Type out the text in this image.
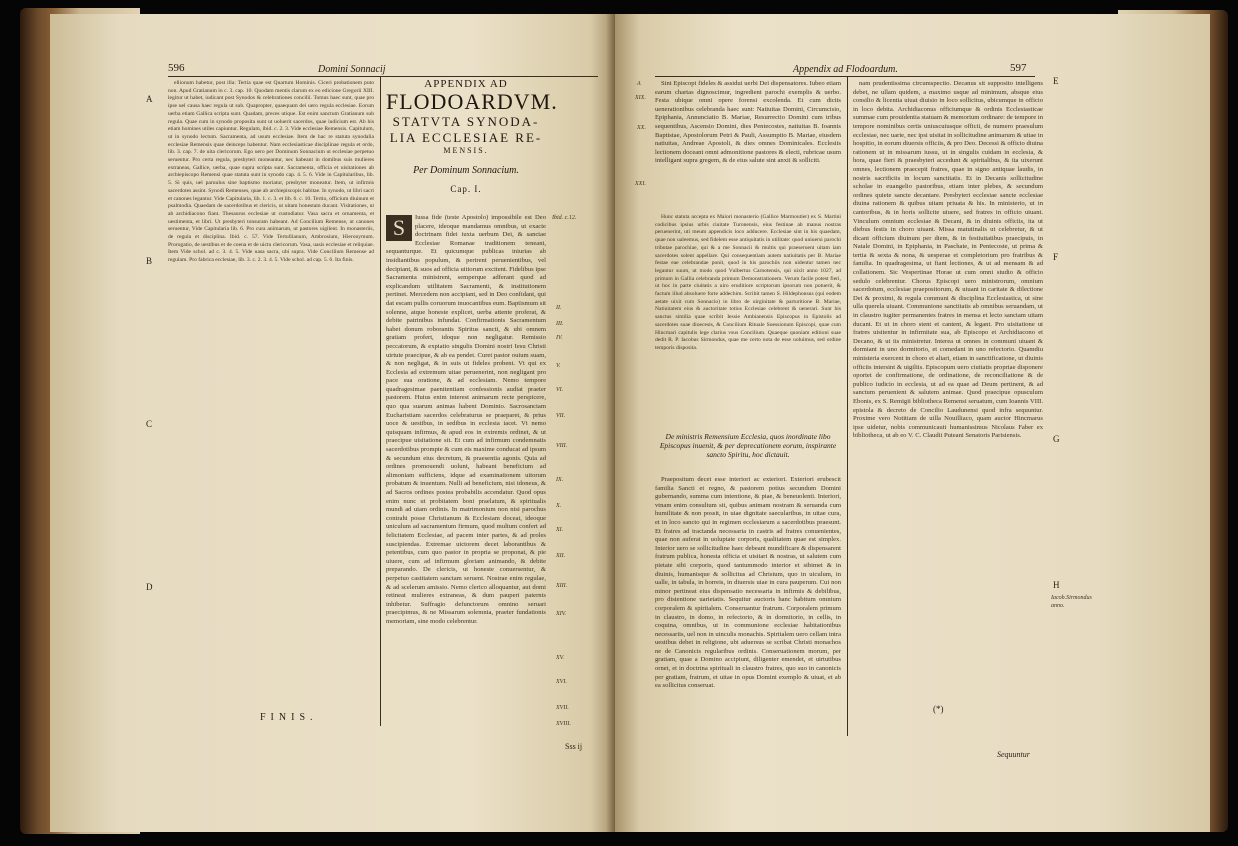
596	Domini Sonnacij
A
B
C
D

ellionum habetur, post illa: Tertia quae est Quartum Hominis. Ciceri probationem puto non. Apud Gratianum in c. 3. cap. 10. Quodam mentis clarum ex eo edicione Gregorii XIII. legitur ut habet, iudicant post Synodos & celebrationes concilii. Tomus haec sunt, quae pro ipse uel causa haec regula ut sub. Quapropter, quaequam dei uero regula ecclesiae. Eorum uerba etiam Gallica scripta sunt. Quadam, preces utique. Est enim sanctum Gratianum sub regula. Quae cum in synodo proposita sunt ut uoluerit sacerdos, quae iudicium est. Ab his etiam homines utiles capiuntur. Regulam, ibid. c. 2. 3. Vide ecclesiae Remensis. Capitulum, ut in synodo lectum. Sacramenta, ad usum ecclesiae. Item de hac re statuta synodalia ecclesiae Remensis quae deinceps habentur. Nam ecclesiasticae disciplinae regula et ordo, lib. 3. cap. 7. de uita clericorum. Ego uero per Dominum Sonnacium ut ecclesiae perpetuo seruentur. Pro certa regula, presbyteri moneantur, nec habeant in domibus suis mulieres extraneas, Gallice, uerba, quae supra scripta sunt. Sacramenta, officia et uisitationes ab archiepiscopo Remensi quae statuta sunt in synodo cap. 4. 5. 6. Vide in Capitularibus, lib. 5. Si quis, uel paruulus sine baptismo moriatur, presbyter moneatur. Item, ut infirmis sacerdotes assint. Synodi Remenses, quae ab archiepiscopis habitae. In synodo, ut libri sacri et canones legantur. Vide Capitularia, lib. 1. c. 3. et lib. 6. c. 10. Tertio, officium diuinum et psalmodia. Quaedam de sacerdotibus et clericis, ut uitam honestam ducant. Visitationes, ut ab archidiacono fiant. Thesaurus ecclesiae ut custodiatur. Vasa sacra et ornamenta, et uestimenta, et libri. Ut presbyteri tonsuram habeant. Ad Concilium Remense, ut canones seruentur, Vide Capitularia lib. 6. Pro cura animarum, ut pastores uigilent. In monasteriis, de regula et disciplina. Ibid. c. 57. Vide Tertullianum, Ambrosium, Hieronymum. Prorogatio, de uestibus et de coena et de uictu clericorum. Vasa, uasis ecclesiae et reliquiae. Item Vide schol. ad c. 3. 4. 5. Vide uasa sacra, ubi supra. Vide Concilium Remense ad regulam. Pro fabrica ecclesiae, lib. 3. c. 2. 3. 4. 5. Vide schol. ad cap. 5. 6. Ita finis.

FINIS.
APPENDIX AD
FLODOARDVM.
STATVTA SYNODA-
LIA ECCLESIAE RE-
MENSIS.
Per Dominum Sonnacium.
Cap. I.
S	Iussa fide (teste Apostolo) impossibile est Deo placere, ideoque mandamus omnibus, ut exacte doctrinam fidei iuxta uerbum Dei, & sanctae Ecclesiae Romanae traditionem teneant, sequanturque. Et quicumque publicas iniurias ab insidiantibus populum, & perirent peruenientibus, vel decipiant, & suos ad officia uitiorum excitent. Fidelibus ipse Sacramenta ministrent, semperque adferant quod ad explicandum utilitatem Sacramenti, & institutionem pertinet. Mercedem non accipiant, sed in Deo confidant, qui dat escam pullis coruorum inuocantibus eum. Baptismum sit solenne, atque honeste explicet, uerba attente proferat, & debite patrinibus infundat. Confirmationis Sacramentum habet donum roborantis Spiritus sancti, & ubi omnem gratiam profert, idoque non negligatur. Remissio peccatorum, & expiatio singulis Domini nostri Iesu Christi uirtute praecipue, & ab ea pendet. Curet pastor ouium suam, & non negligat, & in suis ut fideles probent. Vt qui ex Ecclesia ad extremum uitae peruenerint, non negligant pro pace sua oratione, & ad ecclesiam. Nemo tempore quadragesimae paenitentiam confessionis audiat praeter pastorem. Huius enim interest animarum recte perspicere, quo qua suarum animas habent Dominio. Sacrosanctam Eucharistiam sacerdos celebraturus se praeparet, & prius uoce & uestibus, in sedibus in ecclesia iacet. Vt nemo quisquam infirmus, & apud eos in extremis ordinet, & ut praecipue uisitatione sit. Et cum ad infirmum condemnatis sacerdotibus prompte & cum eis maxime conducat ad ipsum & secundum eius decretum, & praesentia agonis. Quia ad ordines promouendi uolunt, habeant beneficium ad alimoniam sufficiens, idque ad examinationem uitorum probatum & inuentum. Nulli ad beneficium, nisi idoneus, & ad Sacros ordines postea probabilis accendatur. Quod opus enim nunc ut probitatem boni praelatum, & spiritualis mundi ad uiam ordinis. In matrimonium non nisi parochus contrahi posse Christianum & Ecclesiam doceat, ideoque uniculum ad sacramentum firmum, quod multum confert ad felicitatem Ecclesiae, ad pacem inter partes, & ad proles suscipiendas. Extremae uictorem decet laborantibus & petentibus, cum quo pastor in propria se proponat, & pie uiuere, cum ad infirmum gloriam animando, & debite preparando. De clericis, ut honeste conuersentur, & perpetuo castitatem sanctam seruent. Nostrae enim regulae, & ad scelerum amissio. Nemo clerico alloquantur, aut domi retineat mulieres extraneas, & dum pauperi paternis inhibetur. Suffragio defunctorum omnino seruari praecipimus, & ne Missarum solemnia, praeter fundationis memoriam, sine modo celebrentur.
Ibid. c.12.
II.
III.
IV.
V.
VI.
VII.
VIII.
IX.
X.
XI.
XII.
XIII.
XIV.
XV.
XVI.
XVII.
XVIII.
Sss ij
Appendix ad Flodoardum.	597
A
XIX.
XX.
XXI.

Sint Episcopi fideles & assidui uerbi Dei dispensatores. Iubeo etiam earum chartas dignoscimur, ingredient parochi exemplis & uerbo. Festa ubique omni opere forensi excolenda. Et cum dictis uenerationibus celebranda haec sunt: Natiuitas Domini, Circumcisio, Epiphania, Annunciatio B. Mariae, Resurrectio Domini cum tribus sequentibus, Ascensio Domini, dies Pentecostes, natiuitas B. Ioannis Baptistae, Apostolorum Petri & Pauli, Assumptio B. Mariae, eiusdem natiuitas, Andreae Apostoli, & dies omnes Dominicales. Ecclesiis lectionem doceant omni admonitione pastores & electi, rubricae usum intelligant supra gregem, & de eius salute sint anxii & solliciti.

Hunc statuta accepta ex Maiori monasterio (Gallice Marmoutier) ex S. Martini codicibus ipsius urbis ciuitate Turonensis, eius festinae ab manus nostras peruenerint, uti meum appendicis loco adducere. Ecclesiae sint in his quaedam, quae non ualeemus, sed fidelem esse antiquitatis in utilitate: quod uniuersi parochi tributae parochiae, qui & a me Sonnacii & multis qui praeseruent uitam iam sacerdotes solent appellare. Qui consequentiam autem natiuitatis per B. Mariae festae eae celebrandae ponit, quod in his parochiis non uidentur tamen nec legantur suum, ut modo quod Vulbertus Carnotensis, qui uixit anno 1027, ad primum in Gallia celebranda primum Demonstrationem. Verum facile potest fieri, ut hoc in parte ciuitatis a uiro eruditiore scriptorum ipsorum non potuerit, & factum illud absoluere forte addechim. Scribit tamen S. Hildephonsus (qui eodem aetate uixit cum Sonnacio) in libro de uirginitate & parturitione B. Mariae, Natiuitatem eius & auctoritate totius Ecclesiae celebrent & uenerari. Sunt his sanctus similia quae scribit Iessie Ambianensis Episcopus in Epistolis ad sacerdotes suae dioecesis, & Concilium Rituale Suessionum Episcopi, quae cum Hincmari capitulis lege clarius vsus Concilium. Quaeque quoniam editioni suae dedit R. P. Iacobus Sirmondus, quae me certo nota de esse uoluimus, sed ordine temporis disposita.

De ministris Remensium Ecclesia, quos inordinate libo Episcopus inuenit, & per deprecationem eorum, inspirante sancto Spiritu, hoc dictauit.

Praepositum decet esse interiori ac exteriori. Exteriori erubescit familia Sancti et regno, & pastorem potius secundum Domini gubernando, summa cum intentione, & piae, & beneuolenti. Interiori, vtnam enim consultum sit, quibus animam nostram & seruanda cum humilitate & non possit, in uiae dignitate saecularibus, in uitae cura, et in loco sancto qui in regimen ecclesiarum a sacerdotibus praesunt. Et fratres ad tractanda necessaria in castris ad fratres conuenientes, quae non auferat in uoluptate corporis, qualitatem quae est simplex. Interior uero se sollicitudine haec debeant mundificare & dispensarent fratrum publica, honesta officia et uisitari & nostras, ut salutem cum pietate sibi corporis, quod tantummodo interior et sibimet & in diuinis, humanisque & sollicitus ad Christum, quo in uiculum, in ualle, in tabula, in horreis, in diuersis uiae in cura pauperum. Cui non minor pertineat eius dispensatio necessaria in infirmis & debilibus, pro distentione uarietatis. Sequitur auctoris hanc habitum omnium corporalem & spiritalem. Conseruantur fratrum. Corporalem primum in claustro, in domo, in refectorio, & in dormitorio, in cellis, in coquina, omnibus, ut in communione ecclesiae habitationibus necessariis, uel non in uinculis monachis. Spiritalem uero cellam intra uestibus debet in religione, ubi aduersus se scribat Christi monachos ne de Canonicis regularibus ordinis. Conseruationem morum, per gratiam, quae a Domino accipiunt, diligenter emendet, et uirtutibus ornet, et in doctrina spirituali in claustro fratres, quo suo in canonicis per gratiam, fratrum, et uitae in opus Domini exemplo & uiuat, et ab ea sollicitus conseruat.

nam prudentissima circumspectio. Decanus sit supposito intelligens debet, ne ullam quidem, a maximo usque ad minimum, absque eius consilio & licentia uiuat diuisio in loco sollicitus, ubicumque in officio in loco debita. Archidiaconus officiumque & ordinis Ecclesiasticae summae cum prouidentia statuam & memorium ordinare: de tempore in tempore nominibus certis uniuscuiusque officii, de numero praesulum ecclesiae, nec uarie, nec ipsi uisitat in sollicitudine animarum & uitae in hospitio, in eorum diuersis officiis, & pro Deo. Decessi & officio diuina rationem ut in missarum iussu, ut in singulis cuidam in ecclesia, & hora, quae fieri & praesbyteri accedunt & spiritalibus, & ita uixerunt omnes, lectionem praecepit fratres, quae in signo antiquae laudis, in nostris sacrificiis in locum sanctitatis. Et in Decanis sollicitudine scholae in euangelio pastoribus, etiam inter plebes, & secundum ordines quiete sancte decantare. Presbyteri ecclesiae sancte ecclesiae diuina rationem & quibus uitam priuata & his. In ministerio, ut in cantoribus, & in horis sollicite uiuere, sed fratres in officio uiuant. Vinculum omnium ecclesiae & Decani, & in diuinis officiis, ita ut diebus festis in choro uiuant. Missa matutinalis ut celebretur, & ut dicant officium diuinum per diem, & in festiuitatibus praecipuis, in Natale Domini, in Epiphania, in Paschate, in Pentecoste, ut prima & tertia & sexta & nona, & uesperae et completorium pro fratribus & familia. In quadragesima, ut fiant lectiones, & ut ad mensam & ad collationem. Sic Vespertinae Horae ut cum omni studio & officio sedulo celebrentur. Chorus Episcopi uero ministrorum, omnium sacerdotum, ecclesiae praepositorum, & uiuant in caritate & dilectione Dei & proximi, & regula communi & disciplina Ecclesiastica, ut sine ulla querela uiuant. Communione sanctitatis ab omnibus seruandam, ut in claustro iugiter permanentes fratres in mensa et lecto sanctam uitam ducant. Et ut in choro stent et cantent, & legant. Pro uisitatione ut fratres uisitentur in infirmitate sua, ab Episcopo et Archidiacono et Decano, & ut iis ministretur. Interea ut omnes in communi uiuant & dormiant in uno dormitorio, et comedant in uno refectorio. Quamdiu ministeria exercent in choro et altari, etiam in sanctificatione, ut diuinis officiis intersint & uigiliis. Episcopum uero ciuitatis propriae disponere oportet de confirmatione, de ordinatione, de reconciliatione & de publico iudicio in ecclesia, ut ad ea quae ad Deum pertinent, & ad sanctum peruenient & salutem animae. Quod praecipue opusculum Ebonis, ex S. Remigii bibliotheca Remensi seruatum, cum Ioannis VIII. epistola & decreto de Concilio Laudunensi quod infra sequuntur. Proxime vero Notitiam de uilla Nouilliaco, quam auctor Hincmarus ipse uidetur, nobis communicauit humanissimus Nicolaus Faber ex bibliotheca, ut ab eo V. C. Claudii Puteani Senatoris Parisiensis.

(*)
E
F
G
H
Iacob.Sirmondus anno.
Sequuntur
